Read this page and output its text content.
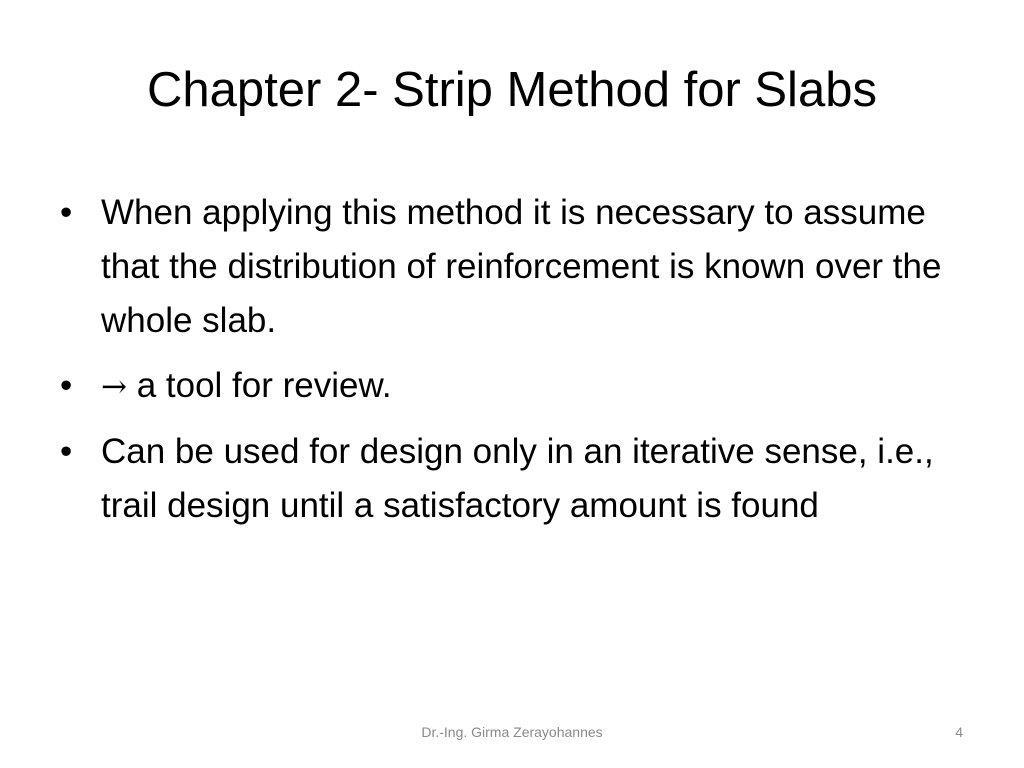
Chapter 2- Strip Method for Slabs
• When applying this method it is necessary to assume that the distribution of reinforcement is known over the whole slab.
• → a tool for review.
• Can be used for design only in an iterative sense, i.e., trail design until a satisfactory amount is found
Dr.-Ing. Girma Zerayohannes	4
